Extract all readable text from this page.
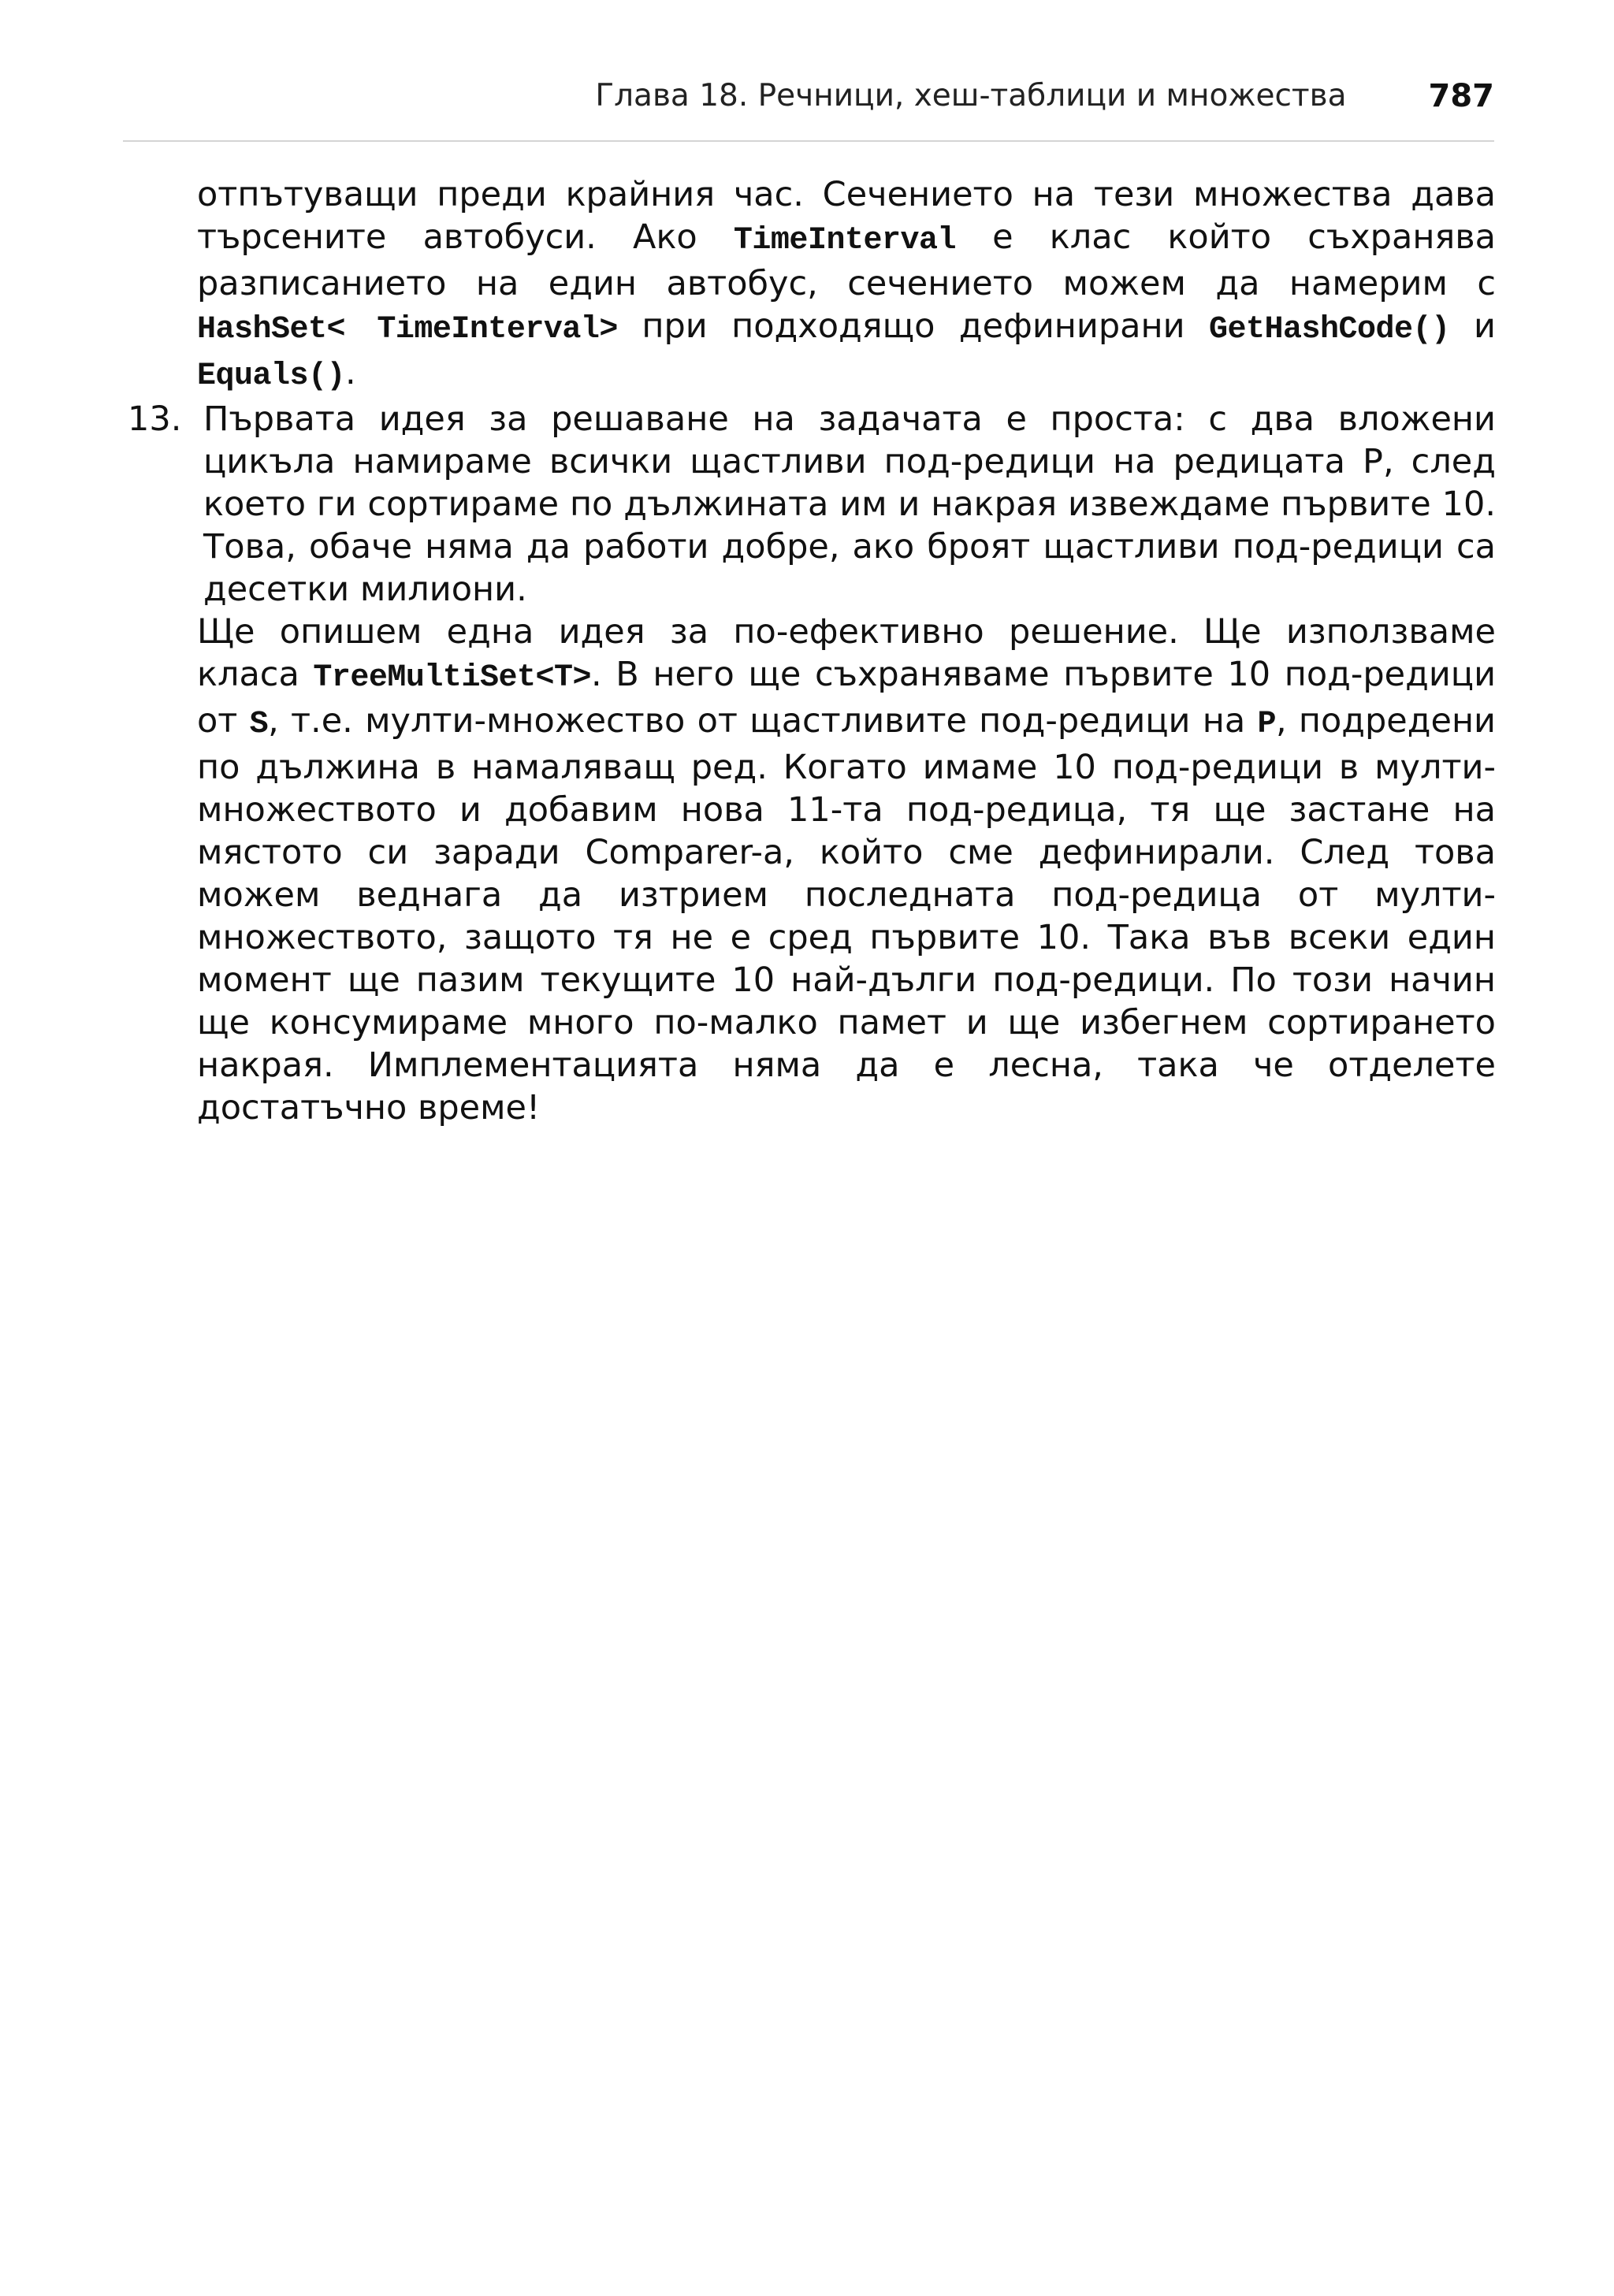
Глава 18. Речници, хеш-таблици и множества	787

отпътуващи преди крайния час. Сечението на тези множества дава търсените автобуси. Ако TimeInterval е клас който съхранява разписанието на един автобус, сечението можем да намерим с HashSet< TimeInterval> при подходящо дефинирани GetHashCode() и Equals().

13. Първата идея за решаване на задачата е проста: с два вложени цикъла намираме всички щастливи под-редици на редицата P, след което ги сортираме по дължината им и накрая извеждаме първите 10. Това, обаче няма да работи добре, ако броят щастливи под-редици са десетки милиони.

Ще опишем една идея за по-ефективно решение. Ще използваме класа TreeMultiSet<T>. В него ще съхраняваме първите 10 под-редици от S, т.е. мулти-множество от щастливите под-редици на P, подредени по дължина в намаляващ ред. Когато имаме 10 под-редици в мулти-множеството и добавим нова 11-та под-редица, тя ще застане на мястото си заради Comparer-а, който сме дефинирали. След това можем веднага да изтрием последната под-редица от мулти-множеството, защото тя не е сред първите 10. Така във всеки един момент ще пазим текущите 10 най-дълги под-редици. По този начин ще консумираме много по-малко памет и ще избегнем сортирането накрая. Имплементацията няма да е лесна, така че отделете достатъчно време!
